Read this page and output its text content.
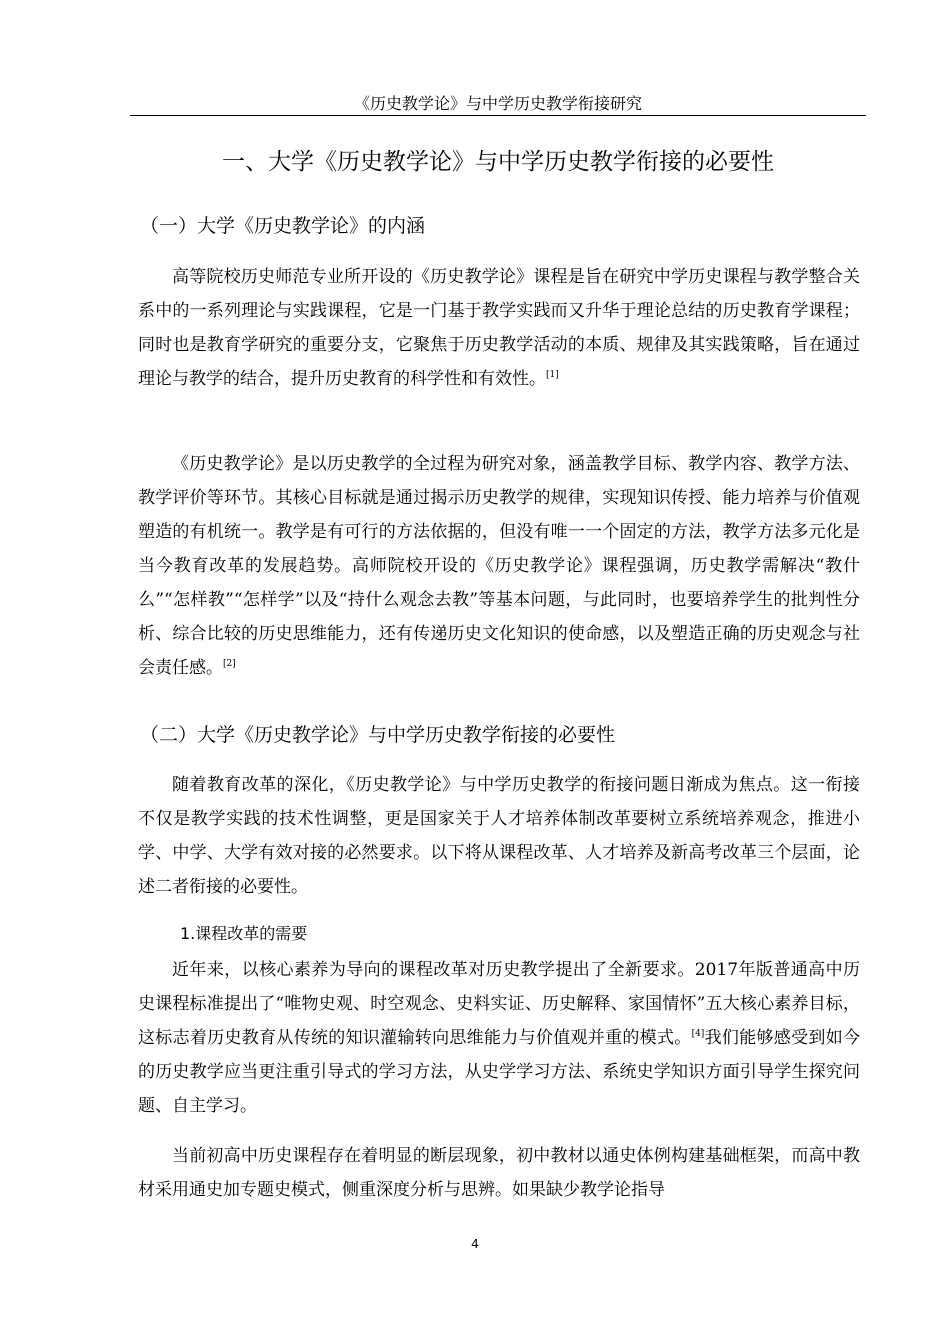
《历史教学论》与中学历史教学衔接研究
一、大学《历史教学论》与中学历史教学衔接的必要性
（一）大学《历史教学论》的内涵

高等院校历史师范专业所开设的《历史教学论》课程是旨在研究中学历史课程与教学整合关系中的一系列理论与实践课程，它是一门基于教学实践而又升华于理论总结的历史教育学课程；同时也是教育学研究的重要分支，它聚焦于历史教学活动的本质、规律及其实践策略，旨在通过理论与教学的结合，提升历史教育的科学性和有效性。[1]

《历史教学论》是以历史教学的全过程为研究对象，涵盖教学目标、教学内容、教学方法、教学评价等环节。其核心目标就是通过揭示历史教学的规律，实现知识传授、能力培养与价值观塑造的有机统一。教学是有可行的方法依据的，但没有唯一一个固定的方法，教学方法多元化是当今教育改革的发展趋势。高师院校开设的《历史教学论》课程强调，历史教学需解决“教什么”“怎样教”“怎样学”以及“持什么观念去教”等基本问题，与此同时，也要培养学生的批判性分析、综合比较的历史思维能力，还有传递历史文化知识的使命感，以及塑造正确的历史观念与社会责任感。[2]

（二）大学《历史教学论》与中学历史教学衔接的必要性

随着教育改革的深化，《历史教学论》与中学历史教学的衔接问题日渐成为焦点。这一衔接不仅是教学实践的技术性调整，更是国家关于人才培养体制改革要树立系统培养观念，推进小学、中学、大学有效对接的必然要求。以下将从课程改革、人才培养及新高考改革三个层面，论述二者衔接的必要性。

1.课程改革的需要

近年来，以核心素养为导向的课程改革对历史教学提出了全新要求。2017年版普通高中历史课程标准提出了“唯物史观、时空观念、史料实证、历史解释、家国情怀”五大核心素养目标，这标志着历史教育从传统的知识灌输转向思维能力与价值观并重的模式。[4]我们能够感受到如今的历史教学应当更注重引导式的学习方法，从史学学习方法、系统史学知识方面引导学生探究问题、自主学习。

当前初高中历史课程存在着明显的断层现象，初中教材以通史体例构建基础框架，而高中教材采用通史加专题史模式，侧重深度分析与思辨。如果缺少教学论指导

4
